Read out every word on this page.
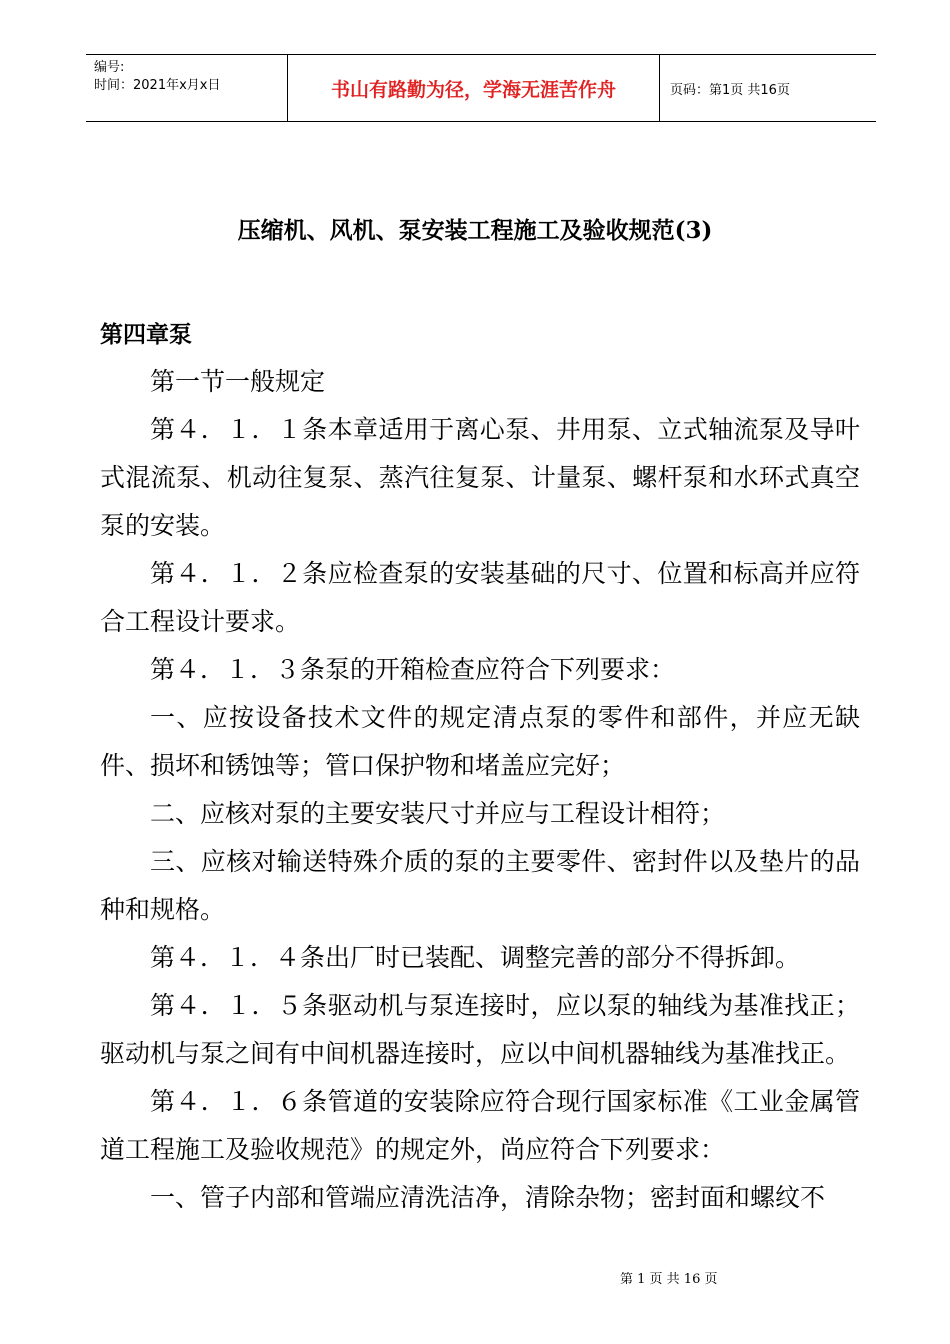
编号:
时间：2021年x月x日	书山有路勤为径，学海无涯苦作舟	页码：第1页 共16页
压缩机、风机、泵安装工程施工及验收规范(3)
第四章泵

第一节一般规定

第４．１．１条本章适用于离心泵、井用泵、立式轴流泵及导叶式混流泵、机动往复泵、蒸汽往复泵、计量泵、螺杆泵和水环式真空泵的安装。

第４．１．２条应检查泵的安装基础的尺寸、位置和标高并应符合工程设计要求。

第４．１．３条泵的开箱检查应符合下列要求：

一、应按设备技术文件的规定清点泵的零件和部件，并应无缺件、损坏和锈蚀等；管口保护物和堵盖应完好；

二、应核对泵的主要安装尺寸并应与工程设计相符；

三、应核对输送特殊介质的泵的主要零件、密封件以及垫片的品种和规格。

第４．１．４条出厂时已装配、调整完善的部分不得拆卸。

第４．１．５条驱动机与泵连接时，应以泵的轴线为基准找正；驱动机与泵之间有中间机器连接时，应以中间机器轴线为基准找正。

第４．１．６条管道的安装除应符合现行国家标准《工业金属管道工程施工及验收规范》的规定外，尚应符合下列要求：

一、管子内部和管端应清洗洁净，清除杂物；密封面和螺纹不

第 1 页 共 16 页
